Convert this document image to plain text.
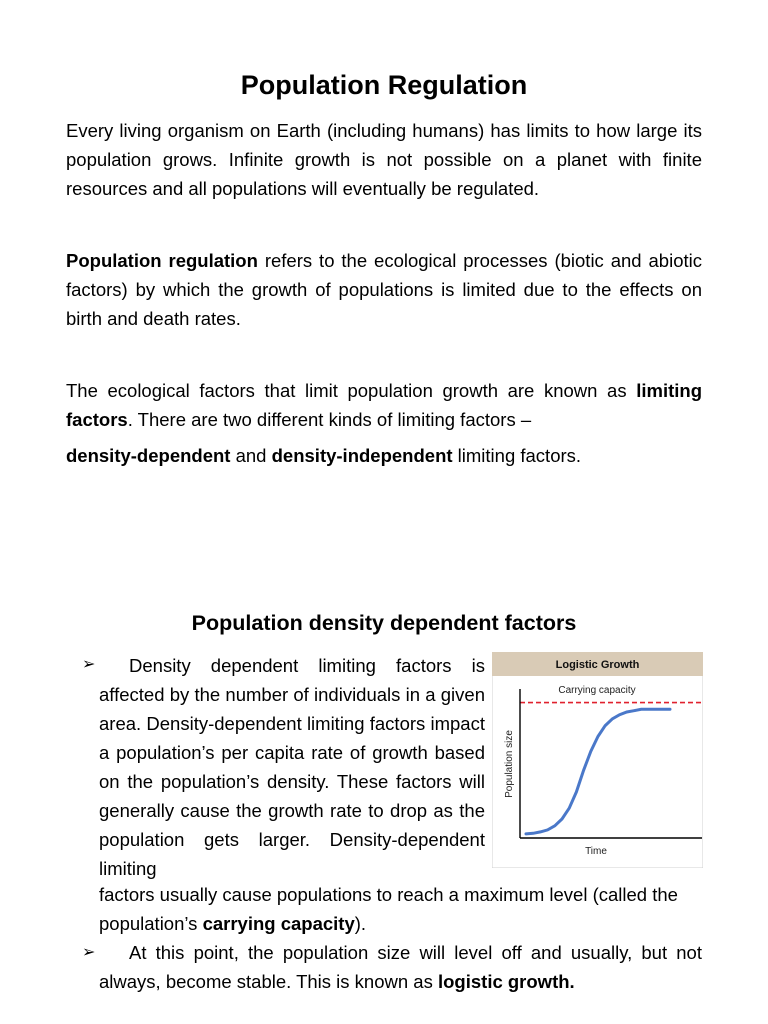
Population Regulation

Every living organism on Earth (including humans) has limits to how large its population grows. Infinite growth is not possible on a planet with finite resources and all populations will eventually be regulated.

Population regulation refers to the ecological processes (biotic and abiotic factors) by which the growth of populations is limited due to the effects on birth and death rates.

The ecological factors that limit population growth are known as limiting factors. There are two different kinds of limiting factors –

density-dependent and density-independent limiting factors.

Population density dependent factors
➢	Density dependent limiting factors is affected by the number of individuals in a given area. Density-dependent limiting factors impact a population’s per capita rate of growth based on the population’s density. These factors will generally cause the growth rate to drop as the population gets larger. Density-dependent limiting

factors usually cause populations to reach a maximum level (called the population’s carrying capacity).

➢	At this point, the population size will level off and usually, but not always, become stable. This is known as logistic growth.

Logistic Growth
Carrying capacity
Population size
Time
